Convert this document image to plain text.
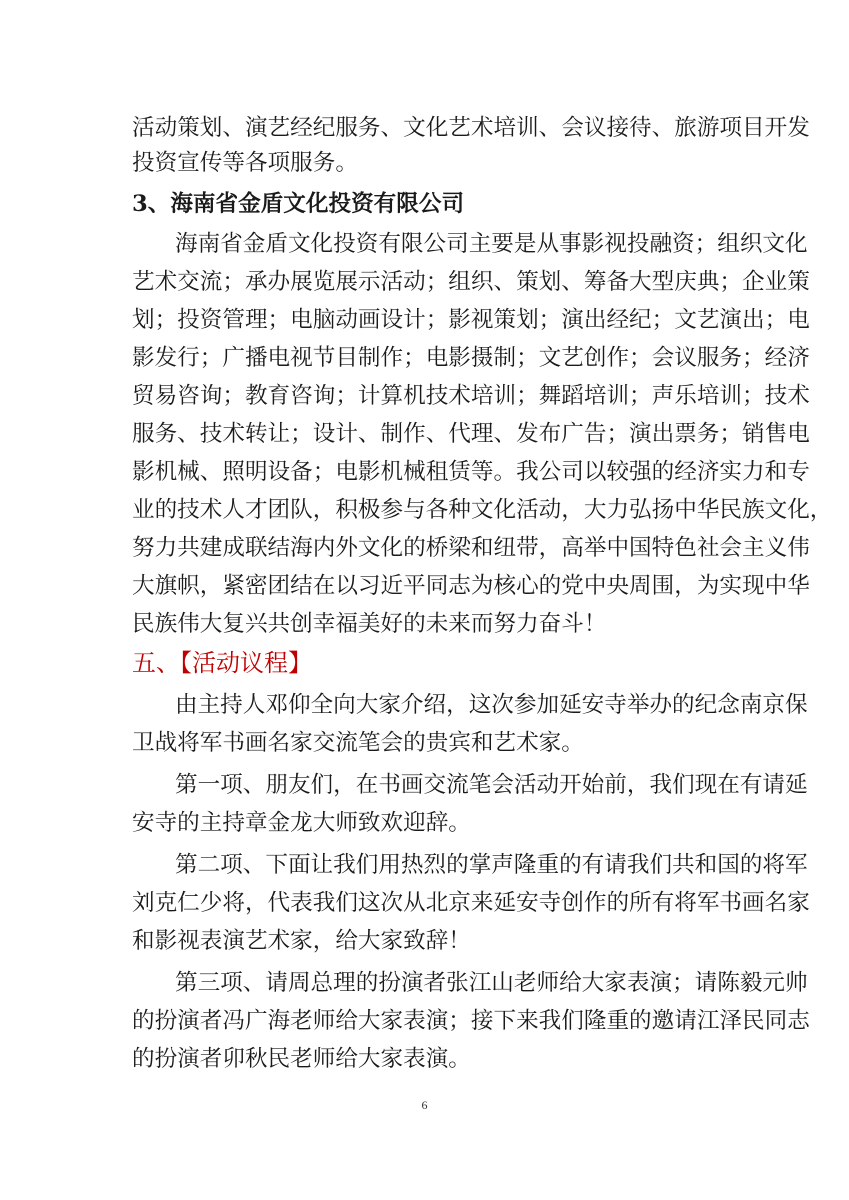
活动策划、演艺经纪服务、文化艺术培训、会议接待、旅游项目开发
投资宣传等各项服务。
3、海南省金盾文化投资有限公司
海南省金盾文化投资有限公司主要是从事影视投融资；组织文化
艺术交流；承办展览展示活动；组织、策划、筹备大型庆典；企业策
划；投资管理；电脑动画设计；影视策划；演出经纪；文艺演出；电
影发行；广播电视节目制作；电影摄制；文艺创作；会议服务；经济
贸易咨询；教育咨询；计算机技术培训；舞蹈培训；声乐培训；技术
服务、技术转让；设计、制作、代理、发布广告；演出票务；销售电
影机械、照明设备；电影机械租赁等。我公司以较强的经济实力和专
业的技术人才团队，积极参与各种文化活动，大力弘扬中华民族文化，
努力共建成联结海内外文化的桥梁和纽带，高举中国特色社会主义伟
大旗帜，紧密团结在以习近平同志为核心的党中央周围，为实现中华
民族伟大复兴共创幸福美好的未来而努力奋斗！
五、【活动议程】
由主持人邓仰全向大家介绍，这次参加延安寺举办的纪念南京保
卫战将军书画名家交流笔会的贵宾和艺术家。
第一项、朋友们，在书画交流笔会活动开始前，我们现在有请延
安寺的主持章金龙大师致欢迎辞。
第二项、下面让我们用热烈的掌声隆重的有请我们共和国的将军
刘克仁少将，代表我们这次从北京来延安寺创作的所有将军书画名家
和影视表演艺术家，给大家致辞！
第三项、请周总理的扮演者张江山老师给大家表演；请陈毅元帅
的扮演者冯广海老师给大家表演；接下来我们隆重的邀请江泽民同志
的扮演者卯秋民老师给大家表演。
6
